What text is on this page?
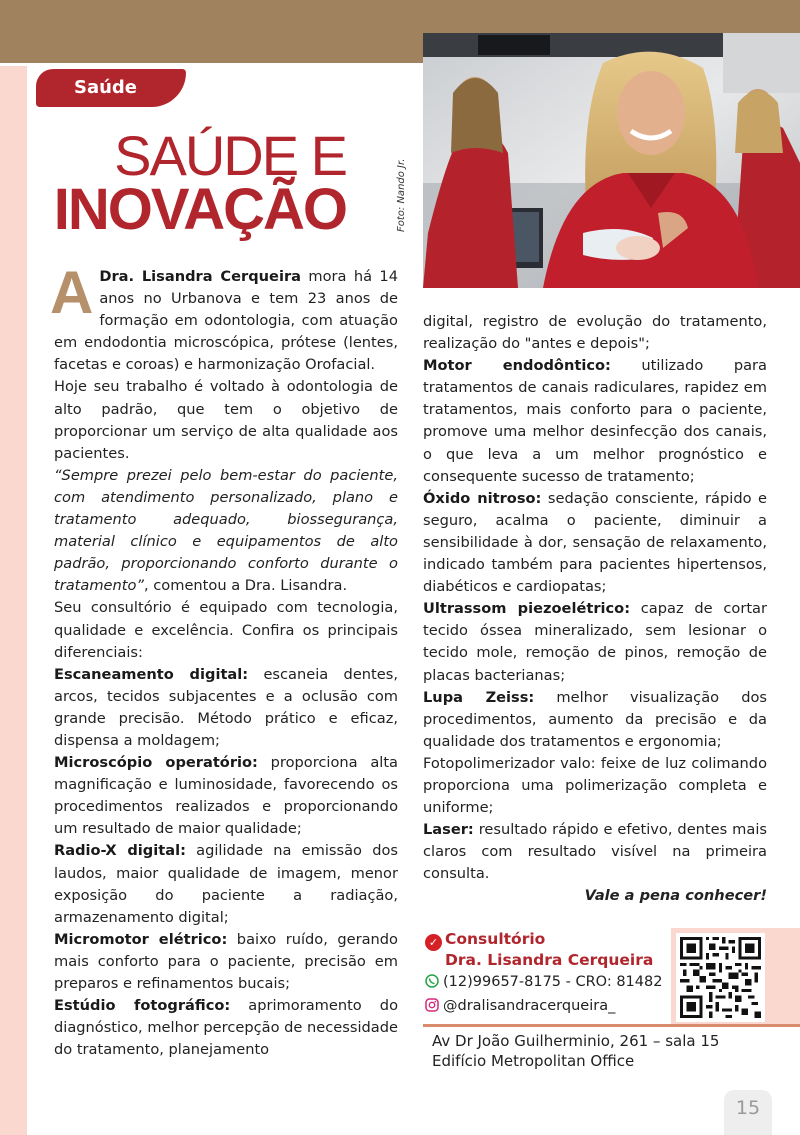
Saúde
SAÚDE E
INOVAÇÃO	Foto: Nando Jr.

A Dra. Lisandra Cerqueira mora há 14 anos no Urbanova e tem 23 anos de formação em odontologia, com atuação em endodontia microscópica, prótese (lentes, facetas e coroas) e harmonização Orofacial.

Hoje seu trabalho é voltado à odontologia de alto padrão, que tem o objetivo de proporcionar um serviço de alta qualidade aos pacientes.

“Sempre prezei pelo bem-estar do paciente, com atendimento personalizado, plano e tratamento adequado, biossegurança, material clínico e equipamentos de alto padrão, proporcionando conforto durante o tratamento”, comentou a Dra. Lisandra.

Seu consultório é equipado com tecnologia, qualidade e excelência. Confira os principais diferenciais:

Escaneamento digital: escaneia dentes, arcos, tecidos subjacentes e a oclusão com grande precisão. Método prático e eficaz, dispensa a moldagem;

Microscópio operatório: proporciona alta magnificação e luminosidade, favorecendo os procedimentos realizados e proporcionando um resultado de maior qualidade;

Radio-X digital: agilidade na emissão dos laudos, maior qualidade de imagem, menor exposição do paciente a radiação, armazenamento digital;

Micromotor elétrico: baixo ruído, gerando mais conforto para o paciente, precisão em preparos e refinamentos bucais;

Estúdio fotográfico: aprimoramento do diagnóstico, melhor percepção de necessidade do tratamento, planejamento

digital, registro de evolução do tratamento, realização do "antes e depois";

Motor endodôntico: utilizado para tratamentos de canais radiculares, rapidez em tratamentos, mais conforto para o paciente, promove uma melhor desinfecção dos canais, o que leva a um melhor prognóstico e consequente sucesso de tratamento;

Óxido nitroso: sedação consciente, rápido e seguro, acalma o paciente, diminuir a sensibilidade à dor, sensação de relaxamento, indicado também para pacientes hipertensos, diabéticos e cardiopatas;

Ultrassom piezoelétrico: capaz de cortar tecido óssea mineralizado, sem lesionar o tecido mole, remoção de pinos, remoção de placas bacterianas;

Lupa Zeiss: melhor visualização dos procedimentos, aumento da precisão e da qualidade dos tratamentos e ergonomia;

Fotopolimerizador valo: feixe de luz colimando proporciona uma polimerização completa e uniforme;

Laser: resultado rápido e efetivo, dentes mais claros com resultado visível na primeira consulta.

Vale a pena conhecer!

✓ Consultório
Dra. Lisandra Cerqueira
(12)99657-8175 - CRO: 81482
@dralisandracerqueira_
Av Dr João Guilherminio, 261 – sala 15
Edifício Metropolitan Office
15
